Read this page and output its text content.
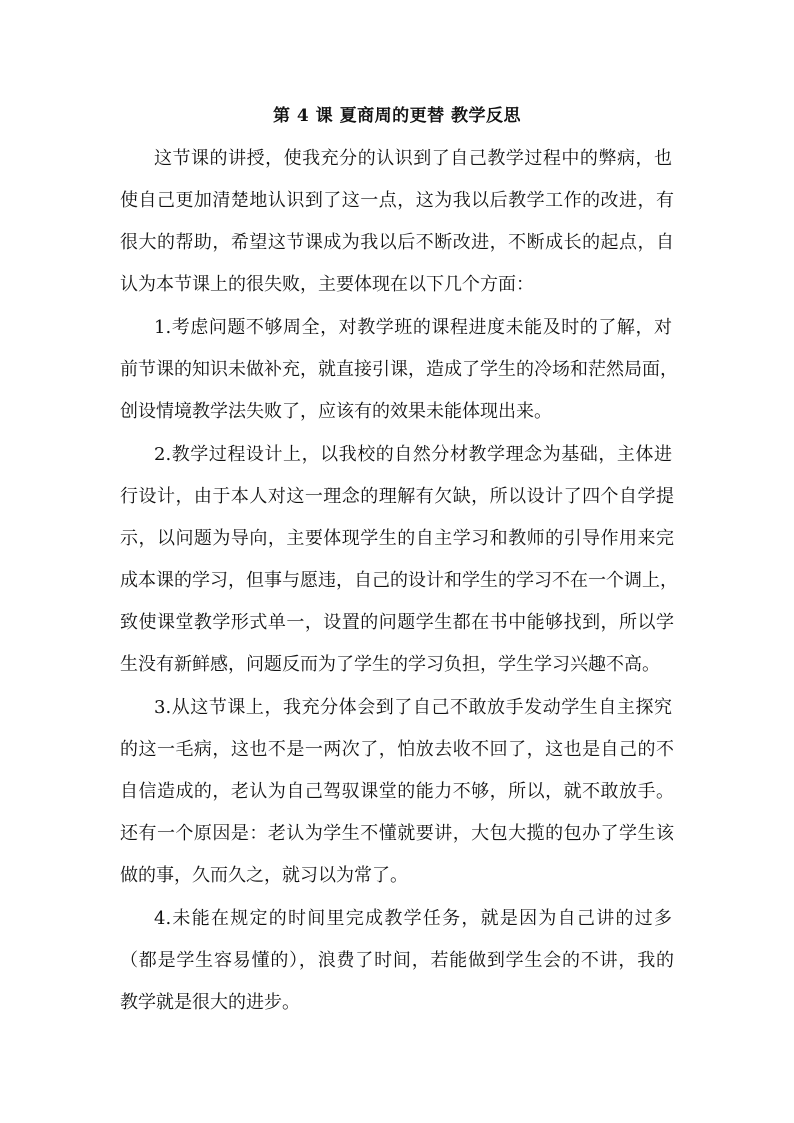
第 4 课 夏商周的更替 教学反思
这节课的讲授，使我充分的认识到了自己教学过程中的弊病，也
使自己更加清楚地认识到了这一点，这为我以后教学工作的改进，有
很大的帮助，希望这节课成为我以后不断改进，不断成长的起点，自
认为本节课上的很失败，主要体现在以下几个方面：
1.考虑问题不够周全，对教学班的课程进度未能及时的了解，对
前节课的知识未做补充，就直接引课，造成了学生的冷场和茫然局面，
创设情境教学法失败了，应该有的效果未能体现出来。
2.教学过程设计上，以我校的自然分材教学理念为基础，主体进
行设计，由于本人对这一理念的理解有欠缺，所以设计了四个自学提
示，以问题为导向，主要体现学生的自主学习和教师的引导作用来完
成本课的学习，但事与愿违，自己的设计和学生的学习不在一个调上，
致使课堂教学形式单一，设置的问题学生都在书中能够找到，所以学
生没有新鲜感，问题反而为了学生的学习负担，学生学习兴趣不高。
3.从这节课上，我充分体会到了自己不敢放手发动学生自主探究
的这一毛病，这也不是一两次了，怕放去收不回了，这也是自己的不
自信造成的，老认为自己驾驭课堂的能力不够，所以，就不敢放手。
还有一个原因是：老认为学生不懂就要讲，大包大揽的包办了学生该
做的事，久而久之，就习以为常了。
4.未能在规定的时间里完成教学任务，就是因为自己讲的过多
（都是学生容易懂的），浪费了时间，若能做到学生会的不讲，我的
教学就是很大的进步。
